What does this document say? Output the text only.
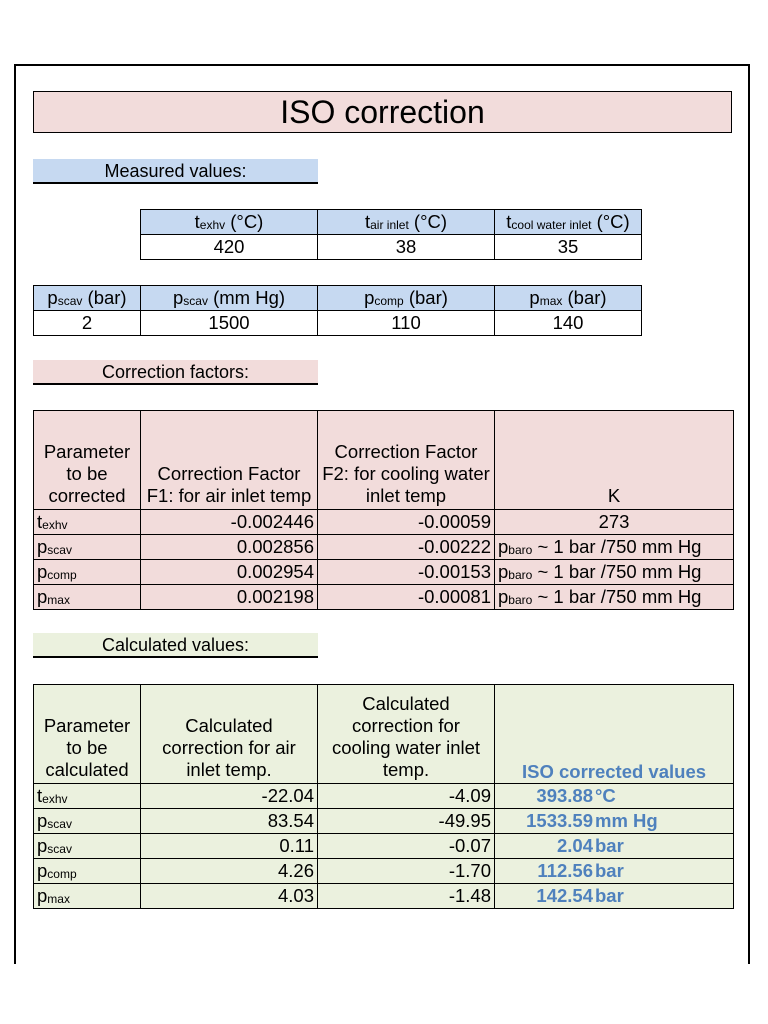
ISO correction
Measured values:
$t_{exhv}$ (°C)	$t_{air inlet}$ (°C)	$t_{cool water inlet}$ (°C)
420	38	35
$p_{scav}$ (bar)	$p_{scav}$ (mm Hg)	$p_{comp}$ (bar)	$p_{max}$ (bar)
2	1500	110	140
Correction factors:
Parameter to be corrected	Correction Factor F1: for air inlet temp	Correction Factor F2: for cooling water inlet temp	K
$t_{exhv}$	-0.002446	-0.00059	273
$p_{scav}$	0.002856	-0.00222	$p_{baro}$ ~ 1 bar /750 mm Hg
$p_{comp}$	0.002954	-0.00153	$p_{baro}$ ~ 1 bar /750 mm Hg
$p_{max}$	0.002198	-0.00081	$p_{baro}$ ~ 1 bar /750 mm Hg
Calculated values:
Parameter to be calculated	Calculated correction for air inlet temp.	Calculated correction for cooling water inlet temp.	ISO corrected values
$t_{exhv}$	-22.04	-4.09	393.88 °C

$p_{scav}$	83.54	-49.95	1533.59 mm Hg

$p_{scav}$	0.11	-0.07	2.04 bar

$p_{comp}$	4.26	-1.70	112.56 bar

$p_{max}$	4.03	-1.48	142.54 bar
